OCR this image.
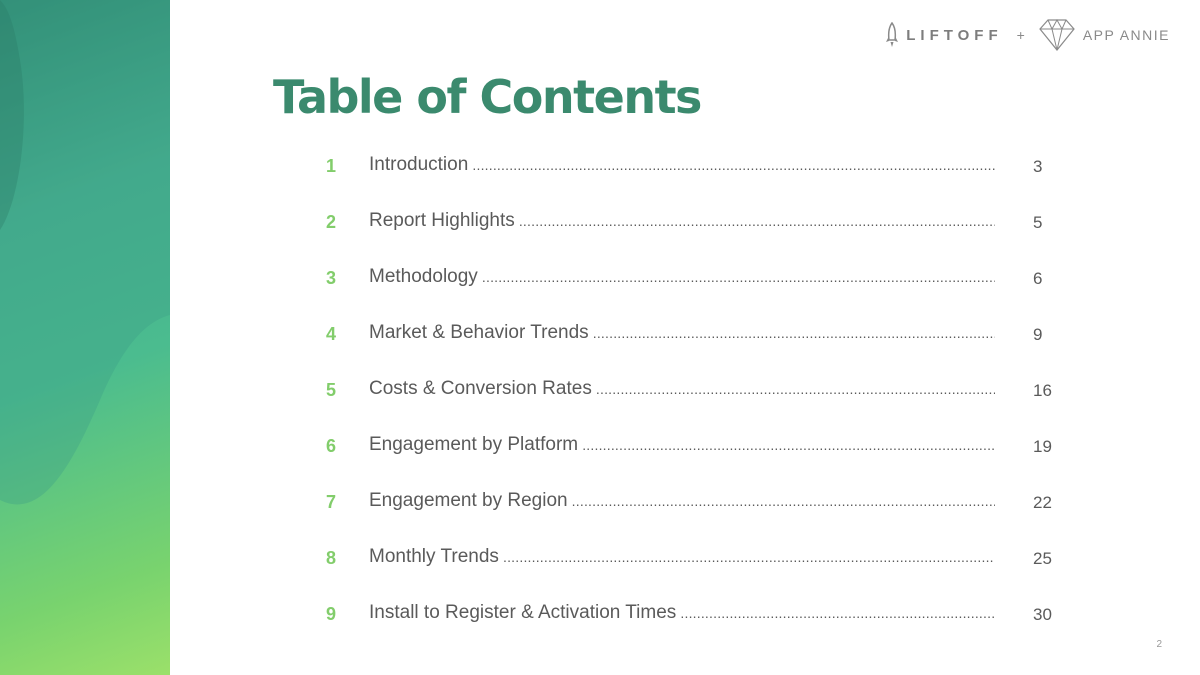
LIFTOFF +	APP ANNIE
Table of Contents
1 Introduction .....	3
2 Report Highlights .....	5
3 Methodology .....	6
4 Market & Behavior Trends .....	9
5 Costs & Conversion Rates .....	16
6 Engagement by Platform .....	19
7 Engagement by Region .....	22
8 Monthly Trends .....	25
9 Install to Register & Activation Times .....	30
2
